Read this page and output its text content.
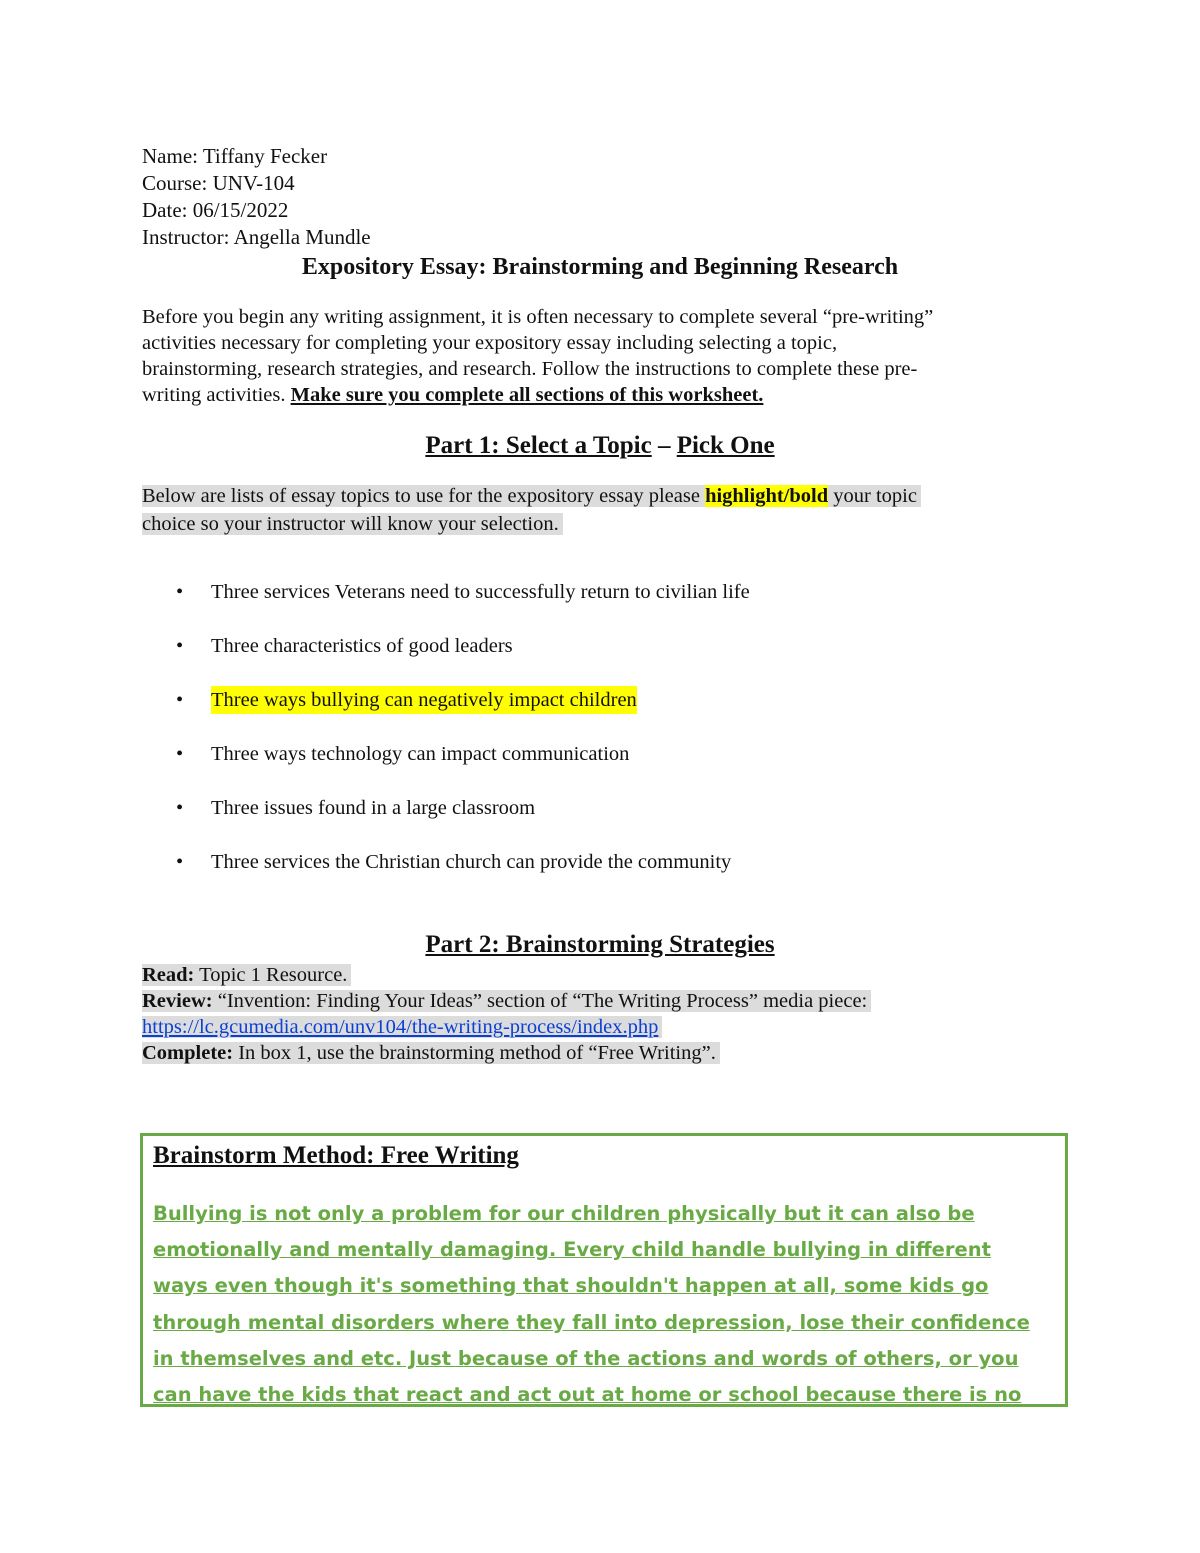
Name: Tiffany Fecker
Course: UNV-104
Date: 06/15/2022
Instructor: Angella Mundle
Expository Essay: Brainstorming and Beginning Research
Before you begin any writing assignment, it is often necessary to complete several “pre-writing”
activities necessary for completing your expository essay including selecting a topic,
brainstorming, research strategies, and research. Follow the instructions to complete these pre-
writing activities. Make sure you complete all sections of this worksheet.
Part 1: Select a Topic – Pick One
Below are lists of essay topics to use for the expository essay please highlight/bold your topic
choice so your instructor will know your selection.
•	Three services Veterans need to successfully return to civilian life
•	Three characteristics of good leaders
•	Three ways bullying can negatively impact children
•	Three ways technology can impact communication
•	Three issues found in a large classroom
•	Three services the Christian church can provide the community
Part 2: Brainstorming Strategies
Read: Topic 1 Resource.
Review: “Invention: Finding Your Ideas” section of “The Writing Process” media piece:
https://lc.gcumedia.com/unv104/the-writing-process/index.php
Complete: In box 1, use the brainstorming method of “Free Writing”.
Brainstorm Method: Free Writing
Bullying is not only a problem for our children physically but it can also be
emotionally and mentally damaging. Every child handle bullying in different
ways even though it's something that shouldn't happen at all, some kids go
through mental disorders where they fall into depression, lose their confidence
in themselves and etc. Just because of the actions and words of others, or you
can have the kids that react and act out at home or school because there is no
